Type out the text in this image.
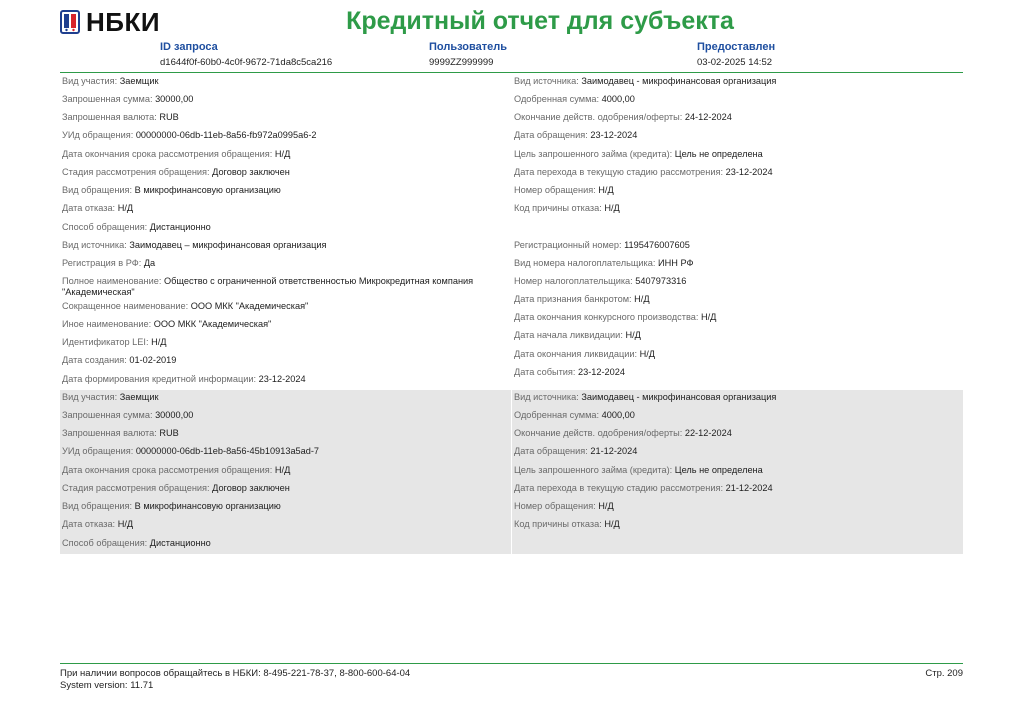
НБКИ	Кредитный отчет для субъекта
ID запроса
d1644f0f-60b0-4c0f-9672-71da8c5ca216
Пользователь
9999ZZ999999
Предоставлен
03-02-2025 14:52
Вид участия: Заемщик
Запрошенная сумма: 30000,00
Запрошенная валюта: RUB
УИд обращения: 00000000-06db-11eb-8a56-fb972a0995a6-2
Дата окончания срока рассмотрения обращения: Н/Д
Стадия рассмотрения обращения: Договор заключен
Вид обращения: В микрофинансовую организацию
Дата отказа: Н/Д
Способ обращения: Дистанционно
Вид источника: Заимодавец – микрофинансовая организация
Регистрация в РФ: Да
Полное наименование: Общество с ограниченной ответственностью Микрокредитная компания "Академическая"
Сокращенное наименование: ООО МКК "Академическая"
Иное наименование: ООО МКК "Академическая"
Идентификатор LEI: Н/Д
Дата создания: 01-02-2019
Дата формирования кредитной информации: 23-12-2024
Вид источника: Заимодавец - микрофинансовая организация
Одобренная сумма: 4000,00
Окончание действ. одобрения/оферты: 24-12-2024
Дата обращения: 23-12-2024
Цель запрошенного займа (кредита): Цель не определена
Дата перехода в текущую стадию рассмотрения: 23-12-2024
Номер обращения: Н/Д
Код причины отказа: Н/Д
Регистрационный номер: 1195476007605
Вид номера налогоплательщика: ИНН РФ
Номер налогоплательщика: 5407973316
Дата признания банкротом: Н/Д
Дата окончания конкурсного производства: Н/Д
Дата начала ликвидации: Н/Д
Дата окончания ликвидации: Н/Д
Дата события: 23-12-2024
Вид участия: Заемщик
Запрошенная сумма: 30000,00
Запрошенная валюта: RUB
УИд обращения: 00000000-06db-11eb-8a56-45b10913a5ad-7
Дата окончания срока рассмотрения обращения: Н/Д
Стадия рассмотрения обращения: Договор заключен
Вид обращения: В микрофинансовую организацию
Дата отказа: Н/Д
Способ обращения: Дистанционно
Вид источника: Заимодавец - микрофинансовая организация
Одобренная сумма: 4000,00
Окончание действ. одобрения/оферты: 22-12-2024
Дата обращения: 21-12-2024
Цель запрошенного займа (кредита): Цель не определена
Дата перехода в текущую стадию рассмотрения: 21-12-2024
Номер обращения: Н/Д
Код причины отказа: Н/Д
При наличии вопросов обращайтесь в НБКИ: 8-495-221-78-37, 8-800-600-64-04
System version: 11.71
Стр. 209
